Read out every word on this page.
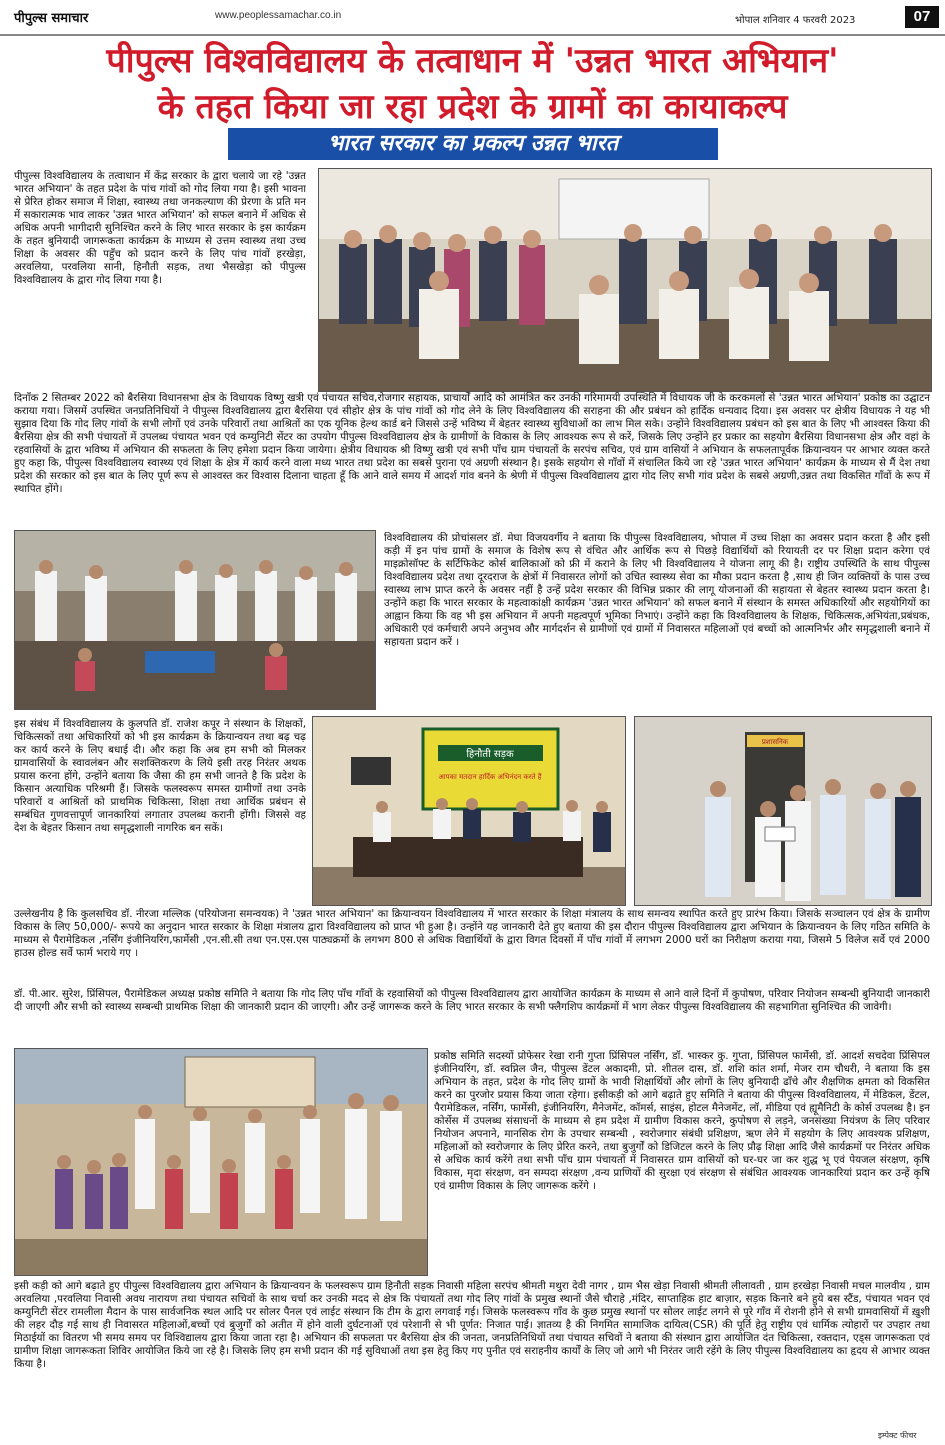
पीपुल्स समाचार	www.peoplessamachar.co.in	भोपाल शनिवार 4 फरवरी 2023	07
पीपुल्स विश्वविद्यालय के तत्वाधान में 'उन्नत भारत अभियान'
के तहत किया जा रहा प्रदेश के ग्रामों का कायाकल्प
भारत सरकार का प्रकल्प उन्नत भारत

पीपुल्स विश्वविद्यालय के तत्वाधान में केंद्र सरकार के द्वारा चलाये जा रहे 'उन्नत भारत अभियान' के तहत प्रदेश के पांच गांवों को गोद लिया गया है। इसी भावना से प्रेरित होकर समाज में शिक्षा, स्वास्थ्य तथा जनकल्याण की प्रेरणा के प्रति मन में सकारात्मक भाव लाकर 'उन्नत भारत अभियान' को सफल बनाने में अधिक से अधिक अपनी भागीदारी सुनिश्चित करने के लिए भारत सरकार के इस कार्यक्रम के तहत बुनियादी जागरूकता कार्यक्रम के माध्यम से उत्तम स्वास्थ्य तथा उच्च शिक्षा के अवसर की पहुँच को प्रदान करने के लिए पांच गांवों हरखेड़ा, अरवलिया, परवलिया सानी, हिनौती सड़क, तथा भैसखेड़ा को पीपुल्स विश्वविद्यालय के द्वारा गोद लिया गया है।

दिनाँक 2 सितम्बर 2022 को बैरसिया विधानसभा क्षेत्र के विधायक विष्णु खत्री एवं पंचायत सचिव,रोजगार सहायक, प्राचार्यों आदि को आमंत्रित कर उनकी गरिमामयी उपस्थिति में विधायक जी के करकमलों से 'उन्नत भारत अभियान' प्रकोष्ठ का उद्घाटन कराया गया। जिसमें उपस्थित जनप्रतिनिधियों ने पीपुल्स विश्वविद्यालय द्वारा बैरसिया एवं सीहोर क्षेत्र के पांच गांवों को गोद लेने के लिए विश्वविद्यालय की सराहना की और प्रबंधन को हार्दिक धन्यवाद दिया। इस अवसर पर क्षेत्रीय विधायक ने यह भी सुझाव दिया कि गोद लिए गांवों के सभी लोगों एवं उनके परिवारों तथा आश्रितों का एक यूनिक हेल्थ कार्ड बने जिससे उन्हें भविष्य में बेहतर स्वास्थ्य सुविधाओं का लाभ मिल सके। उन्होंने विश्वविद्यालय प्रबंधन को इस बात के लिए भी आश्वस्त किया की बैरसिया क्षेत्र की सभी पंचायतों में उपलब्ध पंचायत भवन एवं कम्युनिटी सेंटर का उपयोग पीपुल्स विश्वविद्यालय क्षेत्र के ग्रामीणों के विकास के लिए आवश्यक रूप से करें, जिसके लिए उन्होंने हर प्रकार का सहयोग बैरसिया विधानसभा क्षेत्र और वहां के रहवासियों के द्वारा भविष्य में अभियान की सफलता के लिए हमेशा प्रदान किया जायेगा। क्षेत्रीय विधायक श्री विष्णु खत्री एवं सभी पाँच ग्राम पंचायतों के सरपंच सचिव, एवं ग्राम वासियों ने अभियान के सफलतापूर्वक क्रियान्वयन पर आभार व्यक्त करते हुए कहा कि, पीपुल्स विश्वविद्यालय स्वास्थ्य एवं शिक्षा के क्षेत्र में कार्य करने वाला मध्य भारत तथा प्रदेश का सबसे पुराना एवं अग्रणी संस्थान है। इसके सहयोग से गाँवों में संचालित किये जा रहे 'उन्नत भारत अभियान' कार्यक्रम के माध्यम से मैं देश तथा प्रदेश की सरकार को इस बात के लिए पूर्ण रूप से आश्वस्त कर विश्वास दिलाना चाहता हूँ कि आने वाले समय में आदर्श गांव बनने के श्रेणी में पीपुल्स विश्वविद्यालय द्वारा गोद लिए सभी गांव प्रदेश के सबसे अग्रणी,उन्नत तथा विकसित गाँवों के रूप में स्थापित होंगे।

विश्वविद्यालय की प्रोचांसलर डॉ. मेघा विजयवर्गीय ने बताया कि पीपुल्स विश्वविद्यालय, भोपाल में उच्च शिक्षा का अवसर प्रदान करता है और इसी कड़ी में इन पांच ग्रामों के समाज के विशेष रूप से वंचित और आर्थिक रूप से पिछड़े विद्यार्थियों को रियायती दर पर शिक्षा प्रदान करेगा एवं माइक्रोसॉफ्ट के सर्टिफिकेट कोर्स बालिकाओं को फ्री में कराने के लिए भी विश्वविद्यालय ने योजना लागू की है। राष्ट्रीय उपस्थिति के साथ पीपुल्स विश्वविद्यालय प्रदेश तथा दूरदराज के क्षेत्रों में निवासरत लोगों को उचित स्वास्थ्य सेवा का मौका प्रदान करता है ,साथ ही जिन व्यक्तियों के पास उच्च स्वास्थ्य लाभ प्राप्त करने के अवसर नहीं है उन्हें प्रदेश सरकार की विभिन्न प्रकार की लागू योजनाओं की सहायता से बेहतर स्वास्थ्य प्रदान करता है। उन्होंने कहा कि भारत सरकार के महत्वाकांक्षी कार्यक्रम 'उन्नत भारत अभियान' को सफल बनाने में संस्थान के समस्त अधिकारियों और सहयोगियों का आह्वान किया कि वह भी इस अभियान में अपनी महत्वपूर्ण भूमिका निभाएं। उन्होंने कहा कि विश्वविद्यालय के शिक्षक, चिकित्सक,अभियंता,प्रबंधक, अधिकारी एवं कर्मचारी अपने अनुभव और मार्गदर्शन से ग्रामीणों एवं ग्रामों में निवासरत महिलाओं एवं बच्चों को आत्मनिर्भर और समृद्धशाली बनाने में सहायता प्रदान करें ।

इस संबंध में विश्वविद्यालय के कुलपति डॉ. राजेश कपूर ने संस्थान के शिक्षकों, चिकित्सकों तथा अधिकारियों को भी इस कार्यक्रम के क्रियान्वयन तथा बढ़ चढ़ कर कार्य करने के लिए बधाई दी। और कहा कि अब हम सभी को मिलकर ग्रामवासियों के स्वावलंबन और सशक्तिकरण के लिये इसी तरह निरंतर अथक प्रयास करना होंगे, उन्होंने बताया कि जैसा की हम सभी जानते है कि प्रदेश के किसान अत्याधिक परिश्रमी हैं। जिसके फलस्वरूप समस्त ग्रामीणों तथा उनके परिवारों व आश्रितों को प्राथमिक चिकित्सा, शिक्षा तथा आर्थिक प्रबंधन से सम्बंधित गुणवत्तापूर्ण जानकारियां लगातार उपलब्ध करानी होंगी। जिससे वह देश के बेहतर किसान तथा समृद्धशाली नागरिक बन सकें।

हिनौती सड़क
आपका मतदान हार्दिक अभिनंदन करते हैं
प्रशासनिक

उल्लेखनीय है कि कुलसचिव डॉ. नीरजा मल्लिक (परियोजना समन्वयक) ने 'उन्नत भारत अभियान' का क्रियान्वयन विश्वविद्यालय में भारत सरकार के शिक्षा मंत्रालय के साथ समन्वय स्थापित करते हुए प्रारंभ किया। जिसके सञ्चालन एवं क्षेत्र के ग्रामीण विकास के लिए 50,000/- रूपये का अनुदान भारत सरकार के शिक्षा मंत्रालय द्वारा विश्वविद्यालय को प्राप्त भी हुआ है। उन्होंने यह जानकारी देते हुए बताया की इस दौरान पीपुल्स विश्वविद्यालय द्वारा अभियान के क्रियान्वयन के लिए गठित समिति के माध्यम से पैरामेडिकल ,नर्सिंग इंजीनियरिंग,फार्मेसी ,एन.सी.सी तथा एन.एस.एस पाठ्यक्रमों के लगभग 800 से अधिक विद्यार्थियों के द्वारा विगत दिवसों में पाँच गांवों में लगभग 2000 घरों का निरीक्षण कराया गया, जिसमे 5 विलेज सर्वे एवं 2000 हाउस होल्ड सर्वे फार्म भराये गए ।

डॉ. पी.आर. सुरेश, प्रिंसिपल, पैरामेडिकल अध्यक्ष प्रकोष्ठ समिति ने बताया कि गोद लिए पाँच गाँवों के रहवासियों को पीपुल्स विश्वविद्यालय द्वारा आयोजित कार्यक्रम के माध्यम से आने वाले दिनों में कुपोषण, परिवार नियोजन सम्बन्धी बुनियादी जानकारी दी जाएगी और सभी को स्वास्थ्य सम्बन्धी प्राथमिक शिक्षा की जानकारी प्रदान की जाएगी। और उन्हें जागरूक करने के लिए भारत सरकार के सभी फ्लैगशिप कार्यक्रमों में भाग लेकर पीपुल्स विश्वविद्यालय की सहभागिता सुनिश्चित की जावेगी।

प्रकोष्ठ समिति सदस्यों प्रोफेसर रेखा रानी गुप्ता प्रिंसिपल नर्सिंग, डॉ. भास्कर कु. गुप्ता, प्रिंसिपल फार्मेसी, डॉ. आदर्श सचदेवा प्रिंसिपल इंजीनियरिंग, डॉ. स्वप्निल जैन, पीपुल्स डेंटल अकादमी, प्रो. शीतल दास, डॉ. शशि कांत शर्मा, मेजर राम चौधरी, ने बताया कि इस अभियान के तहत, प्रदेश के गोद लिए ग्रामों के भावी शिक्षार्थियों और लोगों के लिए बुनियादी ढाँचे और शैक्षणिक क्षमता को विकसित करने का पुरजोर प्रयास किया जाता रहेगा। इसीकड़ी को आगे बढ़ाते हुए समिति ने बताया की पीपुल्स विश्वविद्यालय, में मेडिकल, डेंटल, पैरामेडिकल, नर्सिंग, फार्मेसी, इंजीनियरिंग, मैनेजमेंट, कॉमर्स, साइंस, होटल मैनेजमेंट, लॉ, मीडिया एवं ह्यूमैनिटी के कोर्स उपलब्ध है। इन कोर्सेस में उपलब्ध संसाधनों के माध्यम से हम प्रदेश में ग्रामीण विकास करने, कुपोषण से लड़ने, जनसंख्या नियंत्रण के लिए परिवार नियोजन अपनाने, मानसिक रोग के उपचार सम्बन्धी , स्वरोजगार संबंधी प्रशिक्षण, ऋण लेने में सहयोग के लिए आवश्यक प्रशिक्षण, महिलाओं को स्वरोजगार के लिए प्रेरित करने, तथा बुजुर्गों को डिजिटल करने के लिए प्रौढ़ शिक्षा आदि जैसे कार्यक्रमों पर निरंतर अधिक से अधिक कार्य करेंगे तथा सभी पाँच ग्राम पंचायतों में निवासरत ग्राम वासियों को घर-घर जा कर शुद्ध भू एवं पेयजल संरक्षण, कृषि विकास, मृदा संरक्षण, वन सम्पदा संरक्षण ,वन्य प्राणियों की सुरक्षा एवं संरक्षण से संबंधित आवश्यक जानकारियां प्रदान कर उन्हें कृषि एवं ग्रामीण विकास के लिए जागरूक करेंगे ।

इसी कड़ी को आगे बढ़ाते हुए पीपुल्स विश्वविद्यालय द्वारा अभियान के क्रियान्वयन के फलस्वरूप ग्राम हिनौती सड़क निवासी महिला सरपंच श्रीमती मथुरा देवी नागर , ग्राम भैस खेड़ा निवासी श्रीमती लीलावती , ग्राम हरखेड़ा निवासी मचल मालवीय , ग्राम अरवलिया ,परवलिया निवासी अवध नारायण तथा पंचायत सचिवों के साथ चर्चा कर उनकी मदद से क्षेत्र कि पंचायतों तथा गोद लिए गांवों के प्रमुख स्थानों जैसे चौराहे ,मंदिर, साप्ताहिक हाट बाज़ार, सड़क किनारे बने हुये बस स्टैंड, पंचायत भवन एवं कम्युनिटी सेंटर रामलीला मैदान के पास सार्वजनिक स्थल आदि पर सोलर पैनल एवं लाईट संस्थान कि टीम के द्वारा लगवाई गई। जिसके फलस्वरूप गाँव के कुछ प्रमुख स्थानों पर सोलर लाईट लगने से पूरे गाँव में रोशनी होने से सभी ग्रामवासियों में ख़ुशी की लहर दौड़ गई साथ ही निवासरत महिलाओं,बच्चों एवं बुजुर्गों को अतीत में होने वाली दुर्घटनाओं एवं परेशानी से भी पूर्णत: निजात पाई। ज्ञातव्य है की निगमित सामाजिक दायित्व(CSR) की पूर्ति हेतु राष्ट्रीय एवं धार्मिक त्योहारों पर उपहार तथा मिठाईयों का वितरण भी समय समय पर विश्विद्यालय द्वारा किया जाता रहा है। अभियान की सफलता पर बैरसिया क्षेत्र की जनता, जनप्रतिनिधियों तथा पंचायत सचिवों ने बताया की संस्थान द्वारा आयोजित दंत चिकित्सा, रक्तदान, एड्स जागरूकता एवं ग्रामीण शिक्षा जागरूकता शिविर आयोजित किये जा रहे है। जिसके लिए हम सभी प्रदान की गई सुविधाओं तथा इस हेतु किए गए पुनीत एवं सराहनीय कार्यों के लिए जो आगे भी निरंतर जारी रहेंगे के लिए पीपुल्स विश्वविद्यालय का हृदय से आभार व्यक्त किया है।

इम्पेक्ट फीचर
